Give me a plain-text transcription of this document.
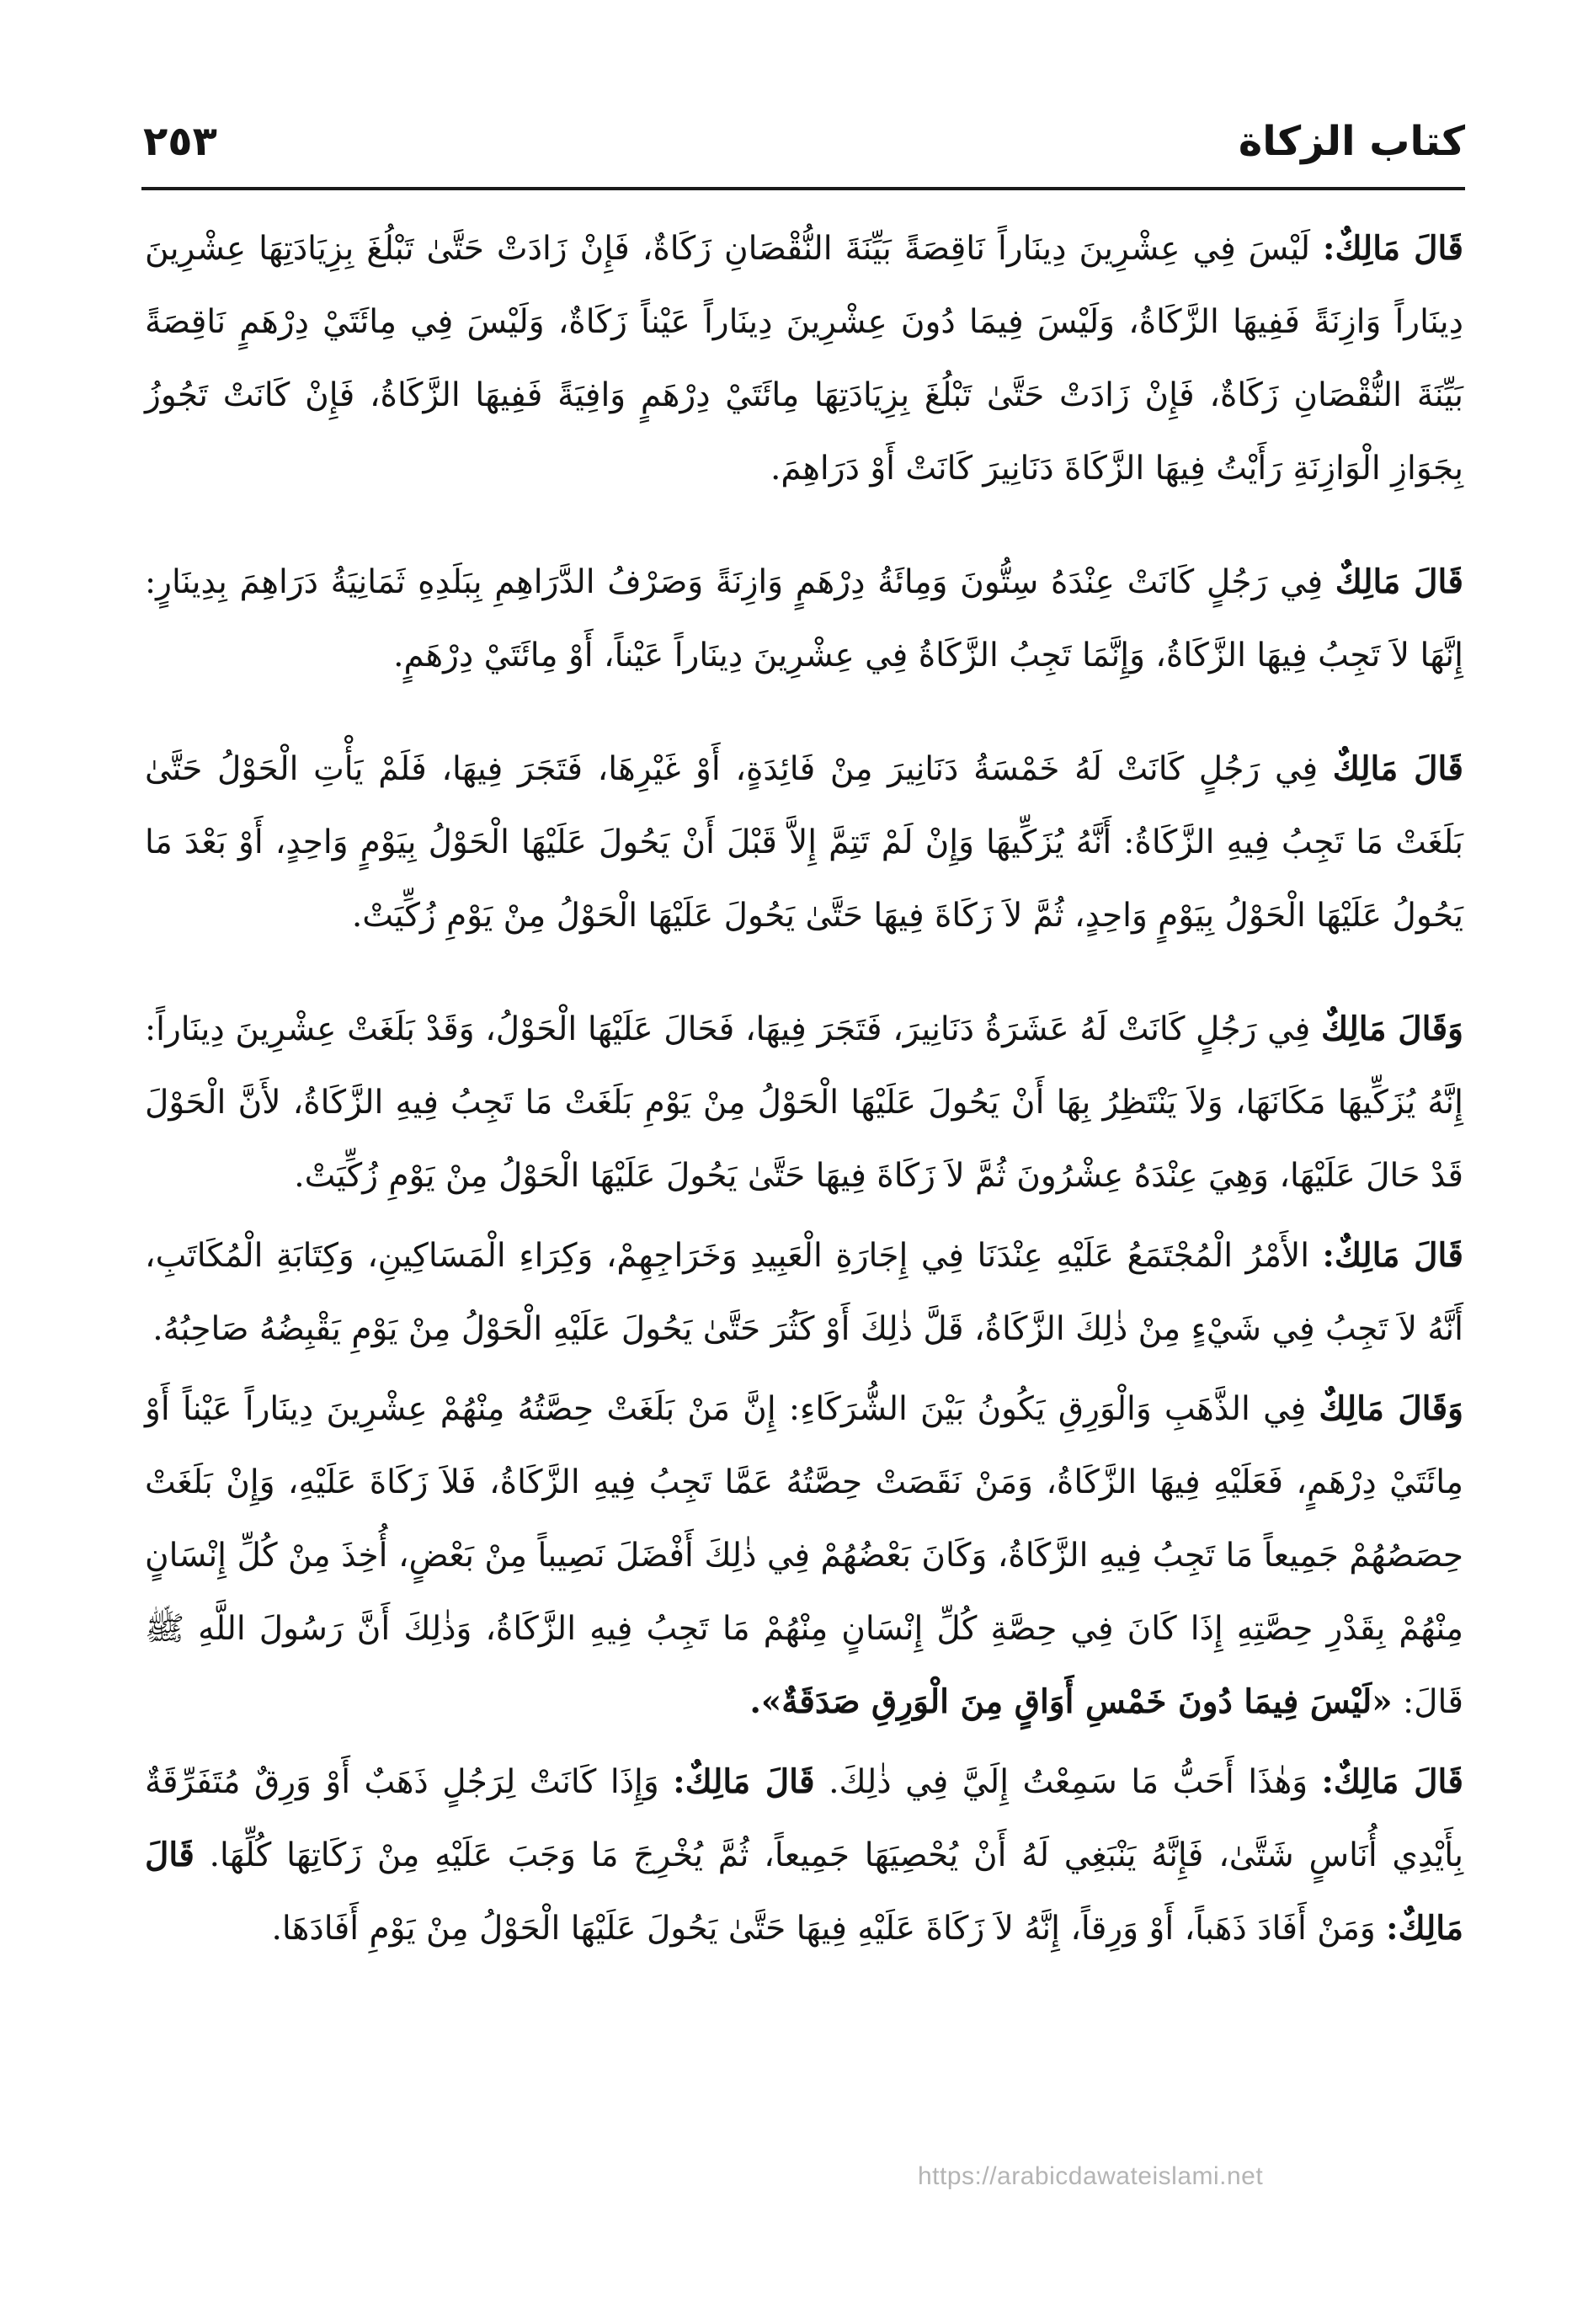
كتاب الزكاة
٢٥٣

قَالَ مَالِكٌ: لَيْسَ فِي عِشْرِينَ دِينَاراً نَاقِصَةً بَيِّنَةَ النُّقْصَانِ زَكَاةٌ، فَإِنْ زَادَتْ حَتَّىٰ تَبْلُغَ بِزِيَادَتِهَا عِشْرِينَ دِينَاراً وَازِنَةً فَفِيهَا الزَّكَاةُ، وَلَيْسَ فِيمَا دُونَ عِشْرِينَ دِينَاراً عَيْناً زَكَاةٌ، وَلَيْسَ فِي مِائَتَيْ دِرْهَمٍ نَاقِصَةً بَيِّنَةَ النُّقْصَانِ زَكَاةٌ، فَإِنْ زَادَتْ حَتَّىٰ تَبْلُغَ بِزِيَادَتِهَا مِائَتَيْ دِرْهَمٍ وَافِيَةً فَفِيهَا الزَّكَاةُ، فَإِنْ كَانَتْ تَجُوزُ بِجَوَازِ الْوَازِنَةِ رَأَيْتُ فِيهَا الزَّكَاةَ دَنَانِيرَ كَانَتْ أَوْ دَرَاهِمَ.

قَالَ مَالِكٌ فِي رَجُلٍ كَانَتْ عِنْدَهُ سِتُّونَ وَمِائَةُ دِرْهَمٍ وَازِنَةً وَصَرْفُ الدَّرَاهِمِ بِبَلَدِهِ ثَمَانِيَةُ دَرَاهِمَ بِدِينَارٍ: إِنَّهَا لاَ تَجِبُ فِيهَا الزَّكَاةُ، وَإِنَّمَا تَجِبُ الزَّكَاةُ فِي عِشْرِينَ دِينَاراً عَيْناً، أَوْ مِائَتَيْ دِرْهَمٍ.

قَالَ مَالِكٌ فِي رَجُلٍ كَانَتْ لَهُ خَمْسَةُ دَنَانِيرَ مِنْ فَائِدَةٍ، أَوْ غَيْرِهَا، فَتَجَرَ فِيهَا، فَلَمْ يَأْتِ الْحَوْلُ حَتَّىٰ بَلَغَتْ مَا تَجِبُ فِيهِ الزَّكَاةُ: أَنَّهُ يُزَكِّيهَا وَإِنْ لَمْ تَتِمَّ إِلاَّ قَبْلَ أَنْ يَحُولَ عَلَيْهَا الْحَوْلُ بِيَوْمٍ وَاحِدٍ، أَوْ بَعْدَ مَا يَحُولُ عَلَيْهَا الْحَوْلُ بِيَوْمٍ وَاحِدٍ، ثُمَّ لاَ زَكَاةَ فِيهَا حَتَّىٰ يَحُولَ عَلَيْهَا الْحَوْلُ مِنْ يَوْمِ زُكِّيَتْ.

وَقَالَ مَالِكٌ فِي رَجُلٍ كَانَتْ لَهُ عَشَرَةُ دَنَانِيرَ، فَتَجَرَ فِيهَا، فَحَالَ عَلَيْهَا الْحَوْلُ، وَقَدْ بَلَغَتْ عِشْرِينَ دِينَاراً: إِنَّهُ يُزَكِّيهَا مَكَانَهَا، وَلاَ يَنْتَظِرُ بِهَا أَنْ يَحُولَ عَلَيْهَا الْحَوْلُ مِنْ يَوْمِ بَلَغَتْ مَا تَجِبُ فِيهِ الزَّكَاةُ، لأَنَّ الْحَوْلَ قَدْ حَالَ عَلَيْهَا، وَهِيَ عِنْدَهُ عِشْرُونَ ثُمَّ لاَ زَكَاةَ فِيهَا حَتَّىٰ يَحُولَ عَلَيْهَا الْحَوْلُ مِنْ يَوْمِ زُكِّيَتْ.

قَالَ مَالِكٌ: الأَمْرُ الْمُجْتَمَعُ عَلَيْهِ عِنْدَنَا فِي إِجَارَةِ الْعَبِيدِ وَخَرَاجِهِمْ، وَكِرَاءِ الْمَسَاكِينِ، وَكِتَابَةِ الْمُكَاتَبِ، أَنَّهُ لاَ تَجِبُ فِي شَيْءٍ مِنْ ذٰلِكَ الزَّكَاةُ، قَلَّ ذٰلِكَ أَوْ كَثُرَ حَتَّىٰ يَحُولَ عَلَيْهِ الْحَوْلُ مِنْ يَوْمِ يَقْبِضُهُ صَاحِبُهُ.

وَقَالَ مَالِكٌ فِي الذَّهَبِ وَالْوَرِقِ يَكُونُ بَيْنَ الشُّرَكَاءِ: إِنَّ مَنْ بَلَغَتْ حِصَّتُهُ مِنْهُمْ عِشْرِينَ دِينَاراً عَيْناً أَوْ مِائَتَيْ دِرْهَمٍ، فَعَلَيْهِ فِيهَا الزَّكَاةُ، وَمَنْ نَقَصَتْ حِصَّتُهُ عَمَّا تَجِبُ فِيهِ الزَّكَاةُ، فَلاَ زَكَاةَ عَلَيْهِ، وَإِنْ بَلَغَتْ حِصَصُهُمْ جَمِيعاً مَا تَجِبُ فِيهِ الزَّكَاةُ، وَكَانَ بَعْضُهُمْ فِي ذٰلِكَ أَفْضَلَ نَصِيباً مِنْ بَعْضٍ، أُخِذَ مِنْ كُلِّ إِنْسَانٍ مِنْهُمْ بِقَدْرِ حِصَّتِهِ إِذَا كَانَ فِي حِصَّةِ كُلِّ إِنْسَانٍ مِنْهُمْ مَا تَجِبُ فِيهِ الزَّكَاةُ، وَذٰلِكَ أَنَّ رَسُولَ اللَّهِ ﷺ قَالَ: «لَيْسَ فِيمَا دُونَ خَمْسِ أَوَاقٍ مِنَ الْوَرِقِ صَدَقَةٌ».

قَالَ مَالِكٌ: وَهٰذَا أَحَبُّ مَا سَمِعْتُ إِلَيَّ فِي ذٰلِكَ. قَالَ مَالِكٌ: وَإِذَا كَانَتْ لِرَجُلٍ ذَهَبٌ أَوْ وَرِقٌ مُتَفَرِّقَةٌ بِأَيْدِي أُنَاسٍ شَتَّىٰ، فَإِنَّهُ يَنْبَغِي لَهُ أَنْ يُحْصِيَهَا جَمِيعاً، ثُمَّ يُخْرِجَ مَا وَجَبَ عَلَيْهِ مِنْ زَكَاتِهَا كُلِّهَا. قَالَ مَالِكٌ: وَمَنْ أَفَادَ ذَهَباً، أَوْ وَرِقاً، إِنَّهُ لاَ زَكَاةَ عَلَيْهِ فِيهَا حَتَّىٰ يَحُولَ عَلَيْهَا الْحَوْلُ مِنْ يَوْمِ أَفَادَهَا.

https://arabicdawateislami.net
